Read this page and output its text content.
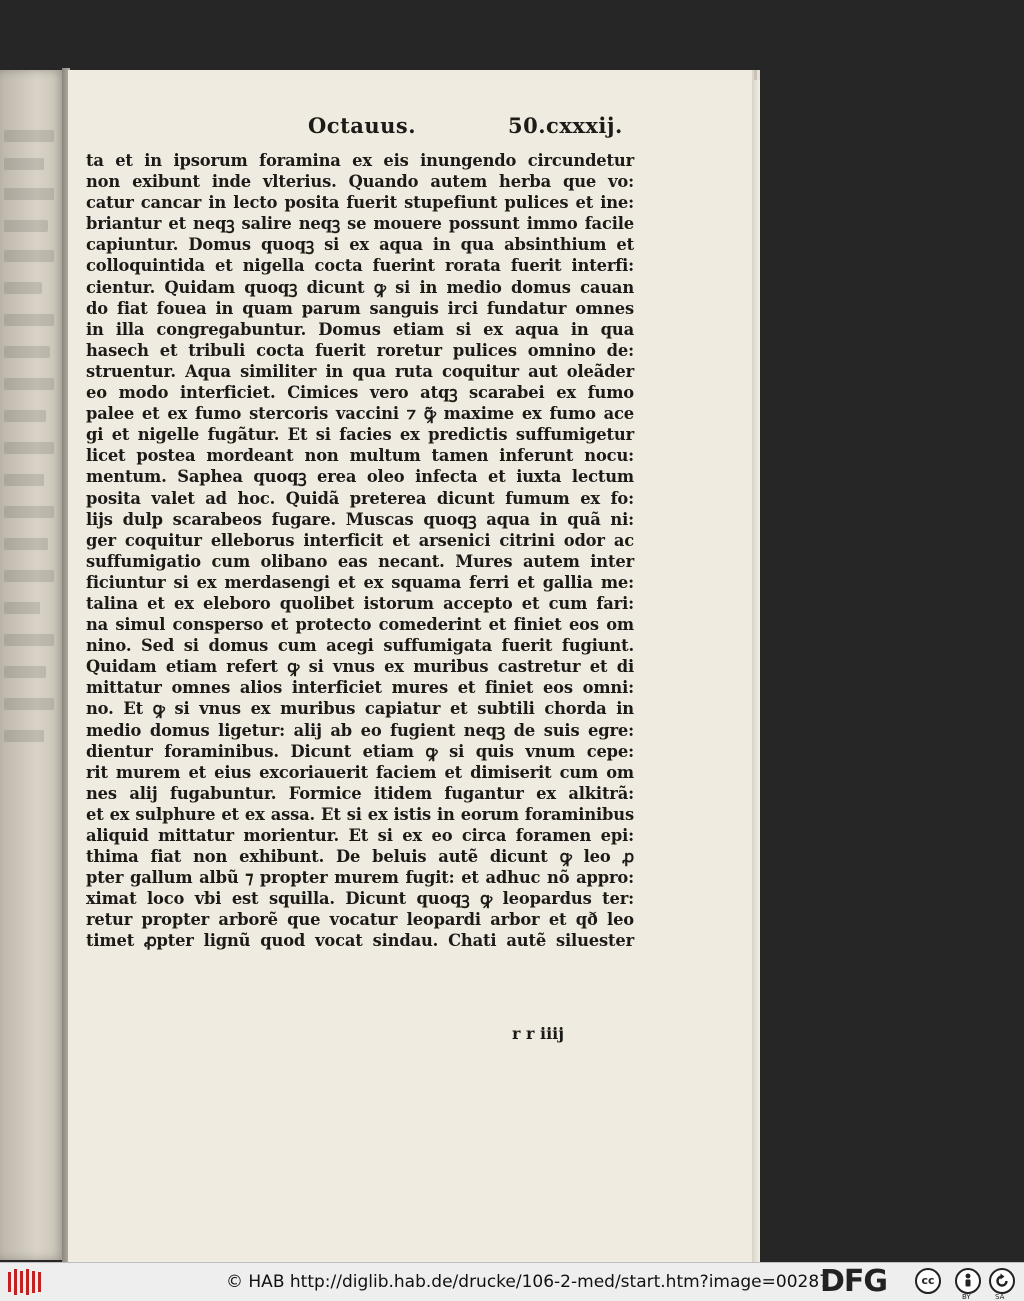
Octauus.	50.cxxxij.
ta et in ipsorum foramina ex eis inungendo circundetur
non exibunt inde vlterius. Quando autem herba que vo:
catur cancar in lecto posita fuerit stupefiunt pulices et ine:
briantur et neqꝫ salire neqꝫ se mouere possunt immo facile
capiuntur. Domus quoqꝫ si ex aqua in qua absinthium et
colloquintida et nigella cocta fuerint rorata fuerit interfi:
cientur. Quidam quoqꝫ dicunt ꝙ si in medio domus cauan
do fiat fouea in quam parum sanguis irci fundatur omnes
in illa congregabuntur. Domus etiam si ex aqua in qua
hasech et tribuli cocta fuerit roretur pulices omnino de:
struentur. Aqua similiter in qua ruta coquitur aut oleãder
eo modo interficiet. Cimices vero atqꝫ scarabei ex fumo
palee et ex fumo stercoris vaccini ⁊ ꝙ̃ maxime ex fumo ace
gi et nigelle fugãtur. Et si facies ex predictis suffumigetur
licet postea mordeant non multum tamen inferunt nocu:
mentum. Saphea quoqꝫ erea oleo infecta et iuxta lectum
posita valet ad hoc. Quidã preterea dicunt fumum ex fo:
lijs dulp scarabeos fugare. Muscas quoqꝫ aqua in quã ni:
ger coquitur elleborus interficit et arsenici citrini odor ac
suffumigatio cum olibano eas necant. Mures autem inter
ficiuntur si ex merdasengi et ex squama ferri et gallia me:
talina et ex eleboro quolibet istorum accepto et cum fari:
na simul consperso et protecto comederint et finiet eos om
nino. Sed si domus cum acegi suffumigata fuerit fugiunt.
Quidam etiam refert ꝙ si vnus ex muribus castretur et di
mittatur omnes alios interficiet mures et finiet eos omni:
no. Et ꝙ si vnus ex muribus capiatur et subtili chorda in
medio domus ligetur: alij ab eo fugient neqꝫ de suis egre:
dientur foraminibus. Dicunt etiam ꝙ si quis vnum cepe:
rit murem et eius excoriauerit faciem et dimiserit cum om
nes alij fugabuntur. Formice itidem fugantur ex alkitrã:
et ex sulphure et ex assa. Et si ex istis in eorum foraminibus
aliquid mittatur morientur. Et si ex eo circa foramen epi:
thima fiat non exhibunt. De beluis autẽ dicunt ꝙ leo ꝓ
pter gallum albũ ⁊ propter murem fugit: et adhuc nõ appro:
ximat loco vbi est squilla. Dicunt quoqꝫ ꝙ leopardus ter:
retur propter arborẽ que vocatur leopardi arbor et qð leo
timet ꝓpter lignũ quod vocat sindau. Chati autẽ siluester
r r iiij
© HAB http://diglib.hab.de/drucke/106-2-med/start.htm?image=00287
DFG	cc
BY	SA
